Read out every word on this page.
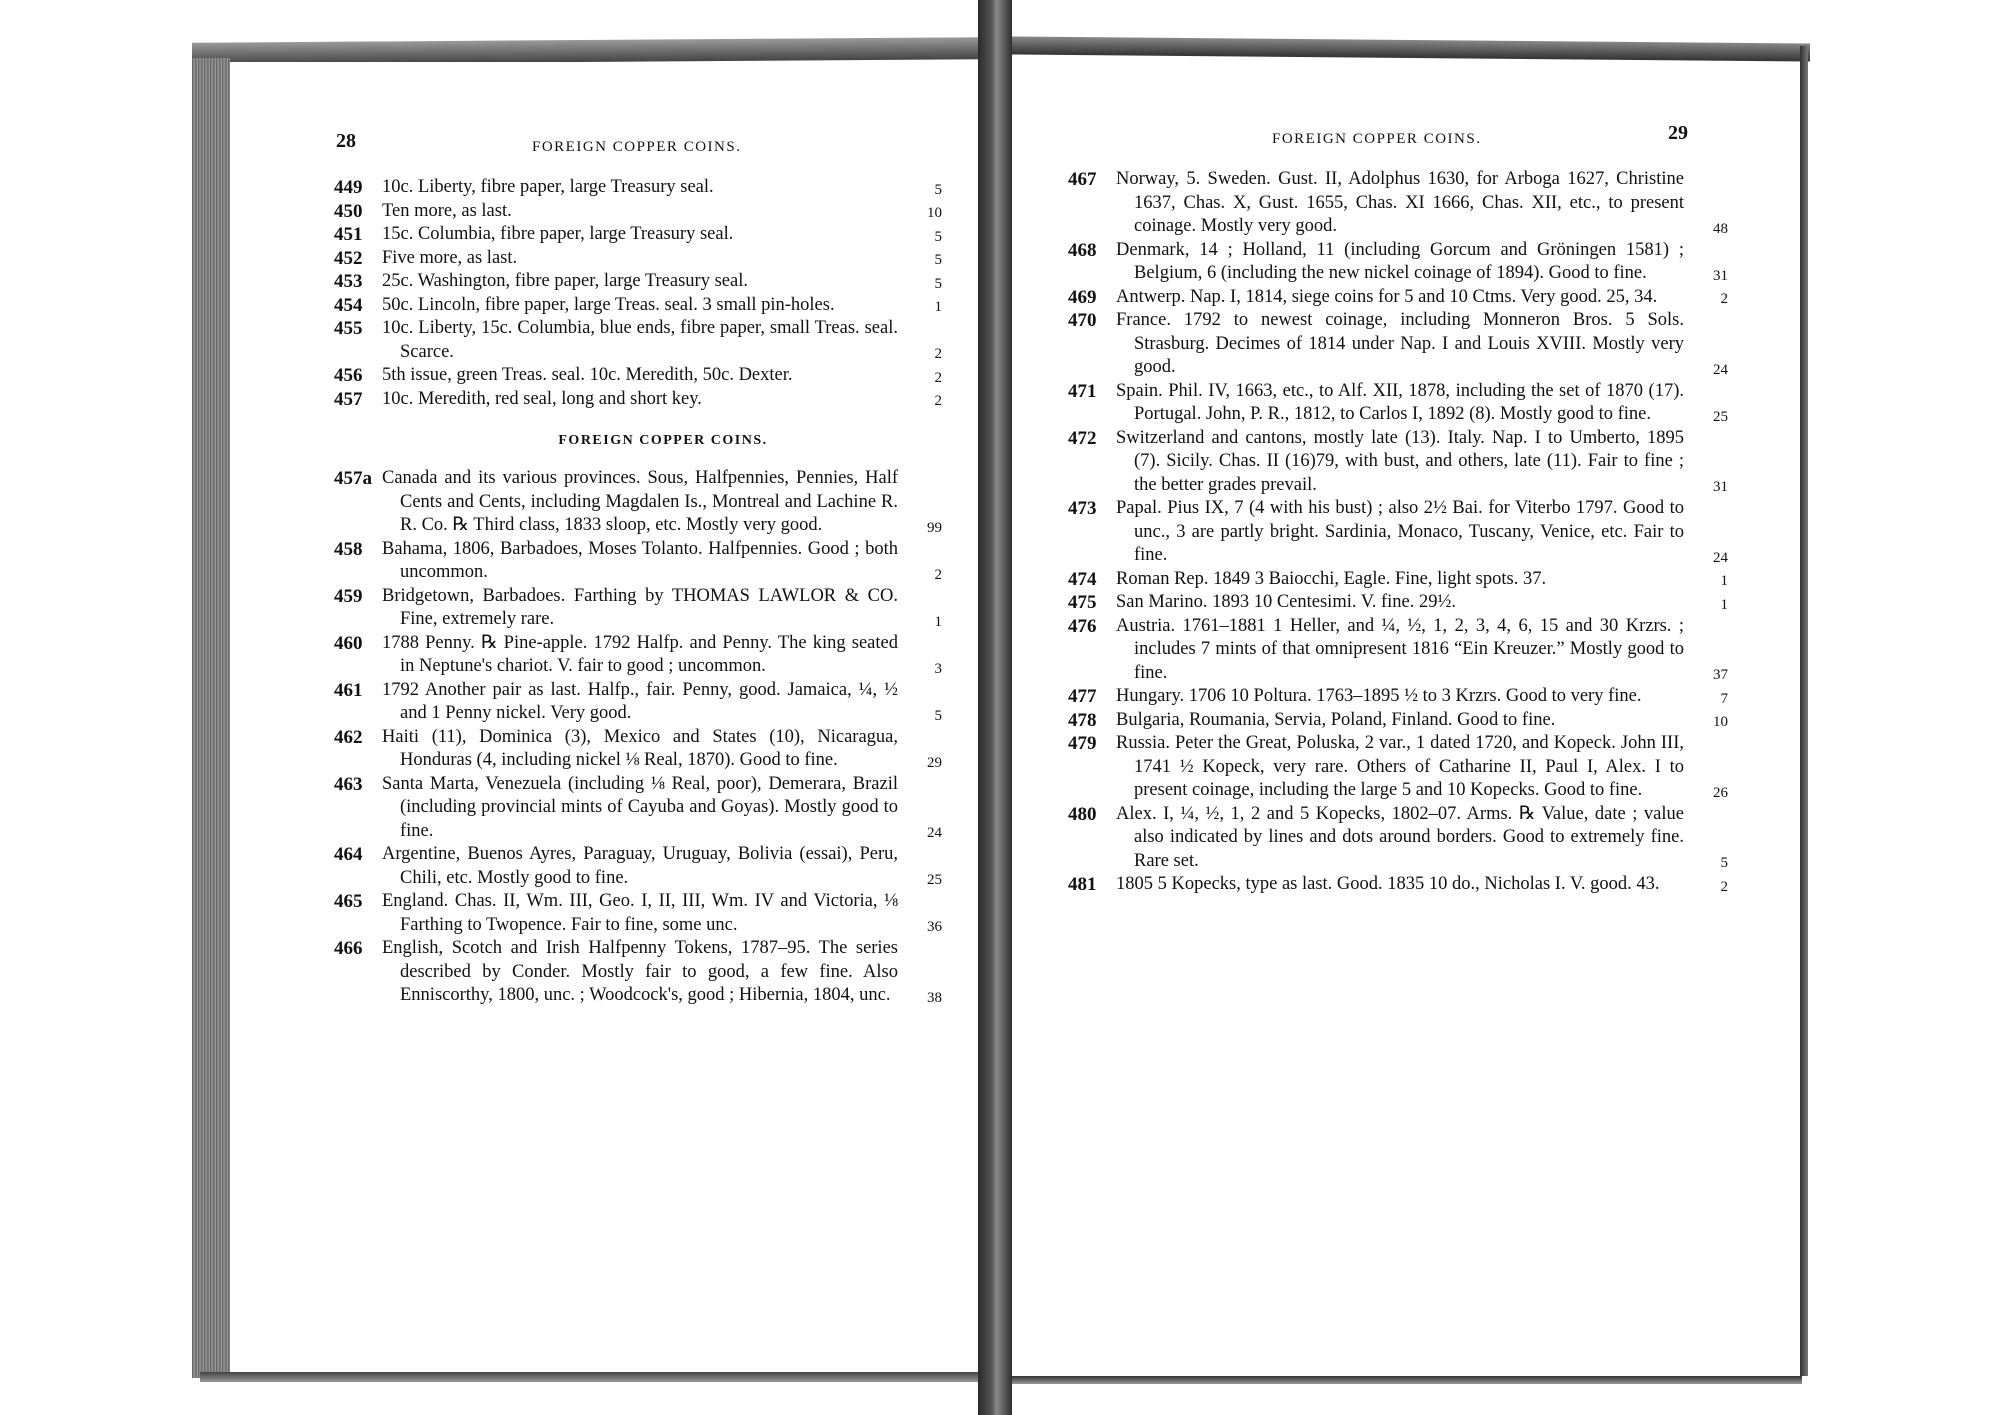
28	FOREIGN COPPER COINS.	FOREIGN COPPER COINS.	29
449	10c. Liberty, fibre paper, large Treasury seal.	5
450	Ten more, as last.	10
451	15c. Columbia, fibre paper, large Treasury seal.	5
452	Five more, as last.	5
453	25c. Washington, fibre paper, large Treasury seal.	5
454	50c. Lincoln, fibre paper, large Treas. seal. 3 small pin-holes.	1
455	10c. Liberty, 15c. Columbia, blue ends, fibre paper, small Treas. seal. Scarce.	2
456	5th issue, green Treas. seal. 10c. Meredith, 50c. Dexter.	2
457	10c. Meredith, red seal, long and short key.	2
FOREIGN COPPER COINS.
457a Canada and its various provinces. Sous, Halfpennies, Pennies, Half Cents and Cents, including Magdalen Is., Montreal and Lachine R. R. Co. ℞ Third class, 1833 sloop, etc. Mostly very good.	99
458	Bahama, 1806, Barbadoes, Moses Tolanto. Halfpennies. Good ; both uncommon.	2
459	Bridgetown, Barbadoes. Farthing by THOMAS LAWLOR & CO. Fine, extremely rare.	1
460	1788 Penny. ℞ Pine-apple. 1792 Halfp. and Penny. The king seated in Neptune's chariot. V. fair to good ; uncommon.	3
461	1792 Another pair as last. Halfp., fair. Penny, good. Jamaica, ¼, ½ and 1 Penny nickel. Very good.	5
462	Haiti (11), Dominica (3), Mexico and States (10), Nicaragua, Honduras (4, including nickel ⅛ Real, 1870). Good to fine.	29
463	Santa Marta, Venezuela (including ⅛ Real, poor), Demerara, Brazil (including provincial mints of Cayuba and Goyas). Mostly good to fine.	24
464	Argentine, Buenos Ayres, Paraguay, Uruguay, Bolivia (essai), Peru, Chili, etc. Mostly good to fine.	25
465	England. Chas. II, Wm. III, Geo. I, II, III, Wm. IV and Victoria, ⅛ Farthing to Twopence. Fair to fine, some unc.	36
466	English, Scotch and Irish Halfpenny Tokens, 1787–95. The series described by Conder. Mostly fair to good, a few fine. Also Enniscorthy, 1800, unc. ; Woodcock's, good ; Hibernia, 1804, unc.	38
467	Norway, 5. Sweden. Gust. II, Adolphus 1630, for Arboga 1627, Christine 1637, Chas. X, Gust. 1655, Chas. XI 1666, Chas. XII, etc., to present coinage. Mostly very good.	48
468	Denmark, 14 ; Holland, 11 (including Gorcum and Gröningen 1581) ; Belgium, 6 (including the new nickel coinage of 1894). Good to fine.	31
469	Antwerp. Nap. I, 1814, siege coins for 5 and 10 Ctms. Very good. 25, 34.	2
470	France. 1792 to newest coinage, including Monneron Bros. 5 Sols. Strasburg. Decimes of 1814 under Nap. I and Louis XVIII. Mostly very good.	24
471	Spain. Phil. IV, 1663, etc., to Alf. XII, 1878, including the set of 1870 (17). Portugal. John, P. R., 1812, to Carlos I, 1892 (8). Mostly good to fine.	25
472	Switzerland and cantons, mostly late (13). Italy. Nap. I to Umberto, 1895 (7). Sicily. Chas. II (16)79, with bust, and others, late (11). Fair to fine ; the better grades prevail.	31
473	Papal. Pius IX, 7 (4 with his bust) ; also 2½ Bai. for Viterbo 1797. Good to unc., 3 are partly bright. Sardinia, Monaco, Tuscany, Venice, etc. Fair to fine.	24
474	Roman Rep. 1849 3 Baiocchi, Eagle. Fine, light spots. 37.	1
475	San Marino. 1893 10 Centesimi. V. fine. 29½.	1
476	Austria. 1761–1881 1 Heller, and ¼, ½, 1, 2, 3, 4, 6, 15 and 30 Krzrs. ; includes 7 mints of that omnipresent 1816 “Ein Kreuzer.” Mostly good to fine.	37
477	Hungary. 1706 10 Poltura. 1763–1895 ½ to 3 Krzrs. Good to very fine.	7
478	Bulgaria, Roumania, Servia, Poland, Finland. Good to fine.	10
479	Russia. Peter the Great, Poluska, 2 var., 1 dated 1720, and Kopeck. John III, 1741 ½ Kopeck, very rare. Others of Catharine II, Paul I, Alex. I to present coinage, including the large 5 and 10 Kopecks. Good to fine.	26
480	Alex. I, ¼, ½, 1, 2 and 5 Kopecks, 1802–07. Arms. ℞ Value, date ; value also indicated by lines and dots around borders. Good to extremely fine. Rare set.	5
481	1805 5 Kopecks, type as last. Good. 1835 10 do., Nicholas I. V. good. 43.	2
